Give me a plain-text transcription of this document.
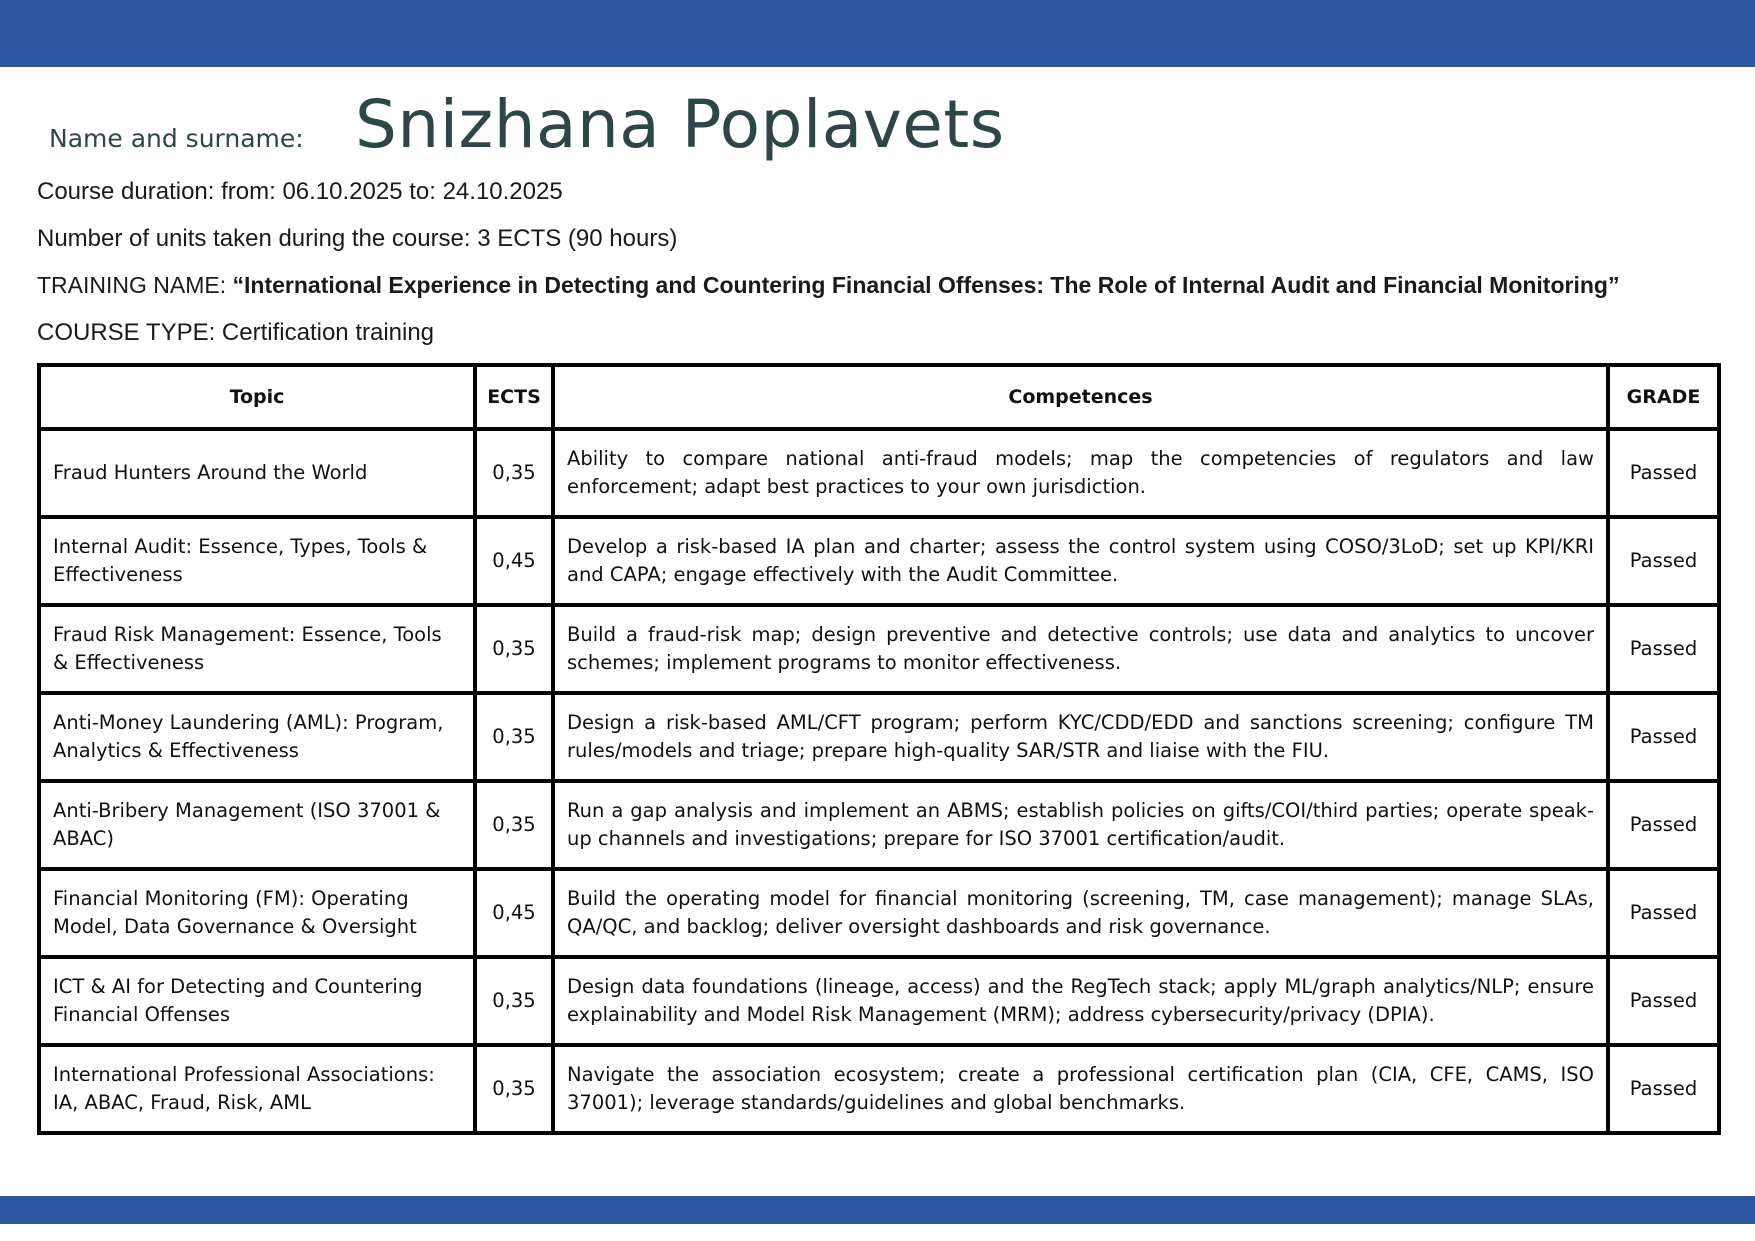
Name and surname: Snizhana Poplavets
Course duration: from: 06.10.2025 to: 24.10.2025
Number of units taken during the course: 3 ECTS (90 hours)
TRAINING NAME: “International Experience in Detecting and Countering Financial Offenses: The Role of Internal Audit and Financial Monitoring”
COURSE TYPE: Certification training
Topic	ECTS	Competences	GRADE
Fraud Hunters Around the World	0,35	Ability to compare national anti-fraud models; map the competencies of regulators and law enforcement; adapt best practices to your own jurisdiction.	Passed
Internal Audit: Essence, Types, Tools & Effectiveness	0,45	Develop a risk-based IA plan and charter; assess the control system using COSO/3LoD; set up KPI/KRI and CAPA; engage effectively with the Audit Committee.	Passed
Fraud Risk Management: Essence, Tools & Effectiveness	0,35	Build a fraud-risk map; design preventive and detective controls; use data and analytics to uncover schemes; implement programs to monitor effectiveness.	Passed
Anti-Money Laundering (AML): Program, Analytics & Effectiveness	0,35	Design a risk-based AML/CFT program; perform KYC/CDD/EDD and sanctions screening; configure TM rules/models and triage; prepare high-quality SAR/STR and liaise with the FIU.	Passed
Anti-Bribery Management (ISO 37001 & ABAC)	0,35	Run a gap analysis and implement an ABMS; establish policies on gifts/COI/third parties; operate speak-up channels and investigations; prepare for ISO 37001 certification/audit.	Passed
Financial Monitoring (FM): Operating Model, Data Governance & Oversight	0,45	Build the operating model for financial monitoring (screening, TM, case management); manage SLAs, QA/QC, and backlog; deliver oversight dashboards and risk governance.	Passed
ICT & AI for Detecting and Countering Financial Offenses	0,35	Design data foundations (lineage, access) and the RegTech stack; apply ML/graph analytics/NLP; ensure explainability and Model Risk Management (MRM); address cybersecurity/privacy (DPIA).	Passed
International Professional Associations: IA, ABAC, Fraud, Risk, AML	0,35	Navigate the association ecosystem; create a professional certification plan (CIA, CFE, CAMS, ISO 37001); leverage standards/guidelines and global benchmarks.	Passed
